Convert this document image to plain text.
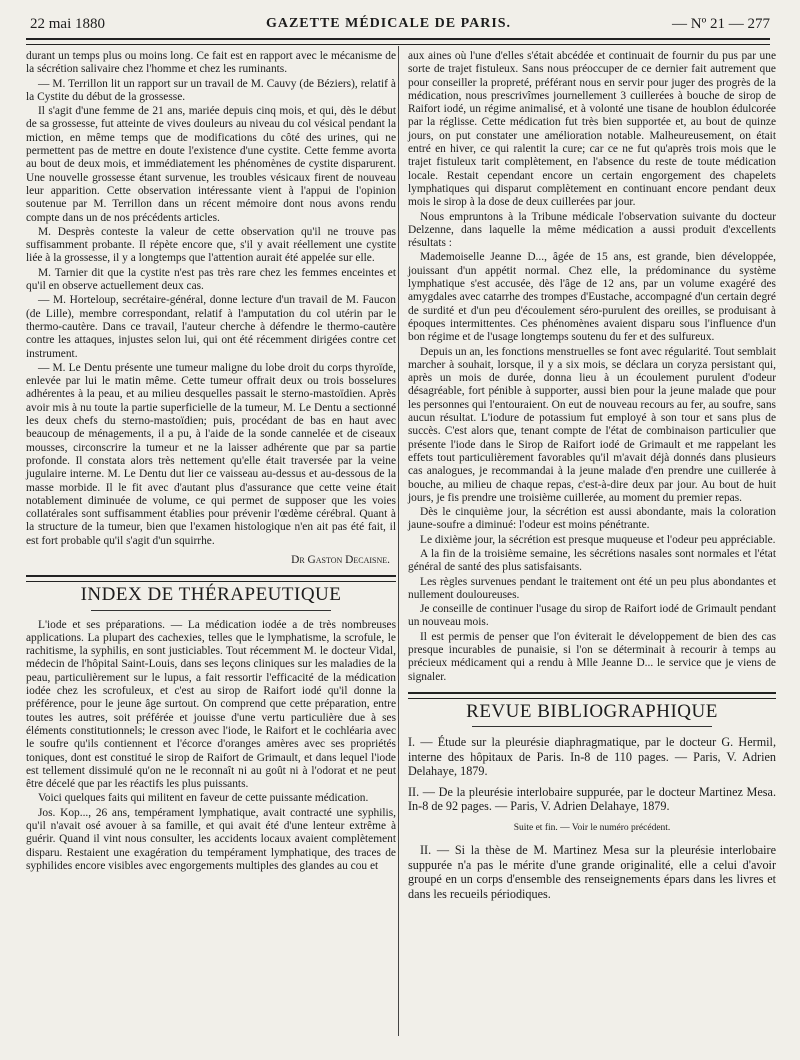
22 mai 1880	GAZETTE MÉDICALE DE PARIS.	— Nº 21 — 277

durant un temps plus ou moins long. Ce fait est en rapport avec le mécanisme de la sécrétion salivaire chez l'homme et chez les ruminants.

— M. Terrillon lit un rapport sur un travail de M. Cauvy (de Béziers), relatif à la Cystite du début de la grossesse.

Il s'agit d'une femme de 21 ans, mariée depuis cinq mois, et qui, dès le début de sa grossesse, fut atteinte de vives douleurs au niveau du col vésical pendant la miction, en même temps que de modifications du côté des urines, qui ne permettent pas de mettre en doute l'existence d'une cystite. Cette femme avorta au bout de deux mois, et immédiatement les phénomènes de cystite disparurent. Une nouvelle grossesse étant survenue, les troubles vésicaux firent de nouveau leur apparition. Cette observation intéressante vient à l'appui de l'opinion soutenue par M. Terrillon dans un récent mémoire dont nous avons rendu compte dans un de nos précédents articles.

M. Desprès conteste la valeur de cette observation qu'il ne trouve pas suffisamment probante. Il répète encore que, s'il y avait réellement une cystite liée à la grossesse, il y a longtemps que l'attention aurait été appelée sur elle.

M. Tarnier dit que la cystite n'est pas très rare chez les femmes enceintes et qu'il en observe actuellement deux cas.

— M. Horteloup, secrétaire-général, donne lecture d'un travail de M. Faucon (de Lille), membre correspondant, relatif à l'amputation du col utérin par le thermo-cautère. Dans ce travail, l'auteur cherche à défendre le thermo-cautère contre les attaques, injustes selon lui, qui ont été récemment dirigées contre cet instrument.

— M. Le Dentu présente une tumeur maligne du lobe droit du corps thyroïde, enlevée par lui le matin même. Cette tumeur offrait deux ou trois bosselures adhérentes à la peau, et au milieu desquelles passait le sterno-mastoïdien. Après avoir mis à nu toute la partie superficielle de la tumeur, M. Le Dentu a sectionné les deux chefs du sterno-mastoïdien; puis, procédant de bas en haut avec beaucoup de ménagements, il a pu, à l'aide de la sonde cannelée et de ciseaux mousses, circonscrire la tumeur et ne la laisser adhérente que par sa partie profonde. Il constata alors très nettement qu'elle était traversée par la veine jugulaire interne. M. Le Dentu dut lier ce vaisseau au-dessus et au-dessous de la masse morbide. Il le fit avec d'autant plus d'assurance que cette veine était notablement diminuée de volume, ce qui permet de supposer que les voies collatérales sont suffisamment établies pour prévenir l'œdème cérébral. Quant à la structure de la tumeur, bien que l'examen histologique n'en ait pas été fait, il est fort probable qu'il s'agit d'un squirrhe.

Dr Gaston Decaisne.

INDEX DE THÉRAPEUTIQUE

L'iode et ses préparations. — La médication iodée a de très nombreuses applications. La plupart des cachexies, telles que le lymphatisme, la scrofule, le rachitisme, la syphilis, en sont justiciables. Tout récemment M. le docteur Vidal, médecin de l'hôpital Saint-Louis, dans ses leçons cliniques sur les maladies de la peau, particulièrement sur le lupus, a fait ressortir l'efficacité de la médication iodée chez les scrofuleux, et c'est au sirop de Raifort iodé qu'il donne la préférence, pour le jeune âge surtout. On comprend que cette préparation, entre toutes les autres, soit préférée et jouisse d'une vertu particulière due à ses éléments constitutionnels; le cresson avec l'iode, le Raifort et le cochléaria avec le soufre qu'ils contiennent et l'écorce d'oranges amères avec ses propriétés toniques, dont est constitué le sirop de Raifort de Grimault, et dans lequel l'iode est tellement dissimulé qu'on ne le reconnaît ni au goût ni à l'odorat et ne peut être décelé que par les réactifs les plus puissants.

Voici quelques faits qui militent en faveur de cette puissante médication.

Jos. Kop..., 26 ans, tempérament lymphatique, avait contracté une syphilis, qu'il n'avait osé avouer à sa famille, et qui avait été d'une lenteur extrême à guérir. Quand il vint nous consulter, les accidents locaux avaient complètement disparu. Restaient une exagération du tempérament lymphatique, des traces de syphilides encore visibles avec engorgements multiples des glandes au cou et

aux aines où l'une d'elles s'était abcédée et continuait de fournir du pus par une sorte de trajet fistuleux. Sans nous préoccuper de ce dernier fait autrement que pour conseiller la propreté, préférant nous en servir pour juger des progrès de la médication, nous prescrivîmes journellement 3 cuillerées à bouche de sirop de Raifort iodé, un régime animalisé, et à volonté une tisane de houblon édulcorée par la réglisse. Cette médication fut très bien supportée et, au bout de quinze jours, on put constater une amélioration notable. Malheureusement, on était entré en hiver, ce qui ralentit la cure; car ce ne fut qu'après trois mois que le trajet fistuleux tarit complètement, en l'absence du reste de toute médication locale. Restait cependant encore un certain engorgement des chapelets lymphatiques qui disparut complètement en continuant encore pendant deux mois le sirop à la dose de deux cuillerées par jour.

Nous empruntons à la Tribune médicale l'observation suivante du docteur Delzenne, dans laquelle la même médication a aussi produit d'excellents résultats :

Mademoiselle Jeanne D..., âgée de 15 ans, est grande, bien développée, jouissant d'un appétit normal. Chez elle, la prédominance du système lymphatique s'est accusée, dès l'âge de 12 ans, par un volume exagéré des amygdales avec catarrhe des trompes d'Eustache, accompagné d'un certain degré de surdité et d'un peu d'écoulement séro-purulent des oreilles, se produisant à époques intermittentes. Ces phénomènes avaient disparu sous l'influence d'un bon régime et de l'usage longtemps soutenu du fer et des sulfureux.

Depuis un an, les fonctions menstruelles se font avec régularité. Tout semblait marcher à souhait, lorsque, il y a six mois, se déclara un coryza persistant qui, après un mois de durée, donna lieu à un écoulement purulent d'odeur désagréable, fort pénible à supporter, aussi bien pour la jeune malade que pour les personnes qui l'entouraient. On eut de nouveau recours au fer, au soufre, sans aucun résultat. L'iodure de potassium fut employé à son tour et sans plus de succès. C'est alors que, tenant compte de l'état de combinaison particulier que présente l'iode dans le Sirop de Raifort iodé de Grimault et me rappelant les effets tout particulièrement favorables qu'il m'avait déjà donnés dans plusieurs cas analogues, je recommandai à la jeune malade d'en prendre une cuillerée à bouche, au milieu de chaque repas, c'est-à-dire deux par jour. Au bout de huit jours, je fis prendre une troisième cuillerée, au moment du premier repas.

Dès le cinquième jour, la sécrétion est aussi abondante, mais la coloration jaune-soufre a diminué: l'odeur est moins pénétrante.

Le dixième jour, la sécrétion est presque muqueuse et l'odeur peu appréciable.

A la fin de la troisième semaine, les sécrétions nasales sont normales et l'état général de santé des plus satisfaisants.

Les règles survenues pendant le traitement ont été un peu plus abondantes et nullement douloureuses.

Je conseille de continuer l'usage du sirop de Raifort iodé de Grimault pendant un nouveau mois.

Il est permis de penser que l'on éviterait le développement de bien des cas presque incurables de punaisie, si l'on se déterminait à recourir à temps au précieux médicament qui a rendu à Mlle Jeanne D... le service que je viens de signaler.

REVUE BIBLIOGRAPHIQUE

I. — Étude sur la pleurésie diaphragmatique, par le docteur G. Hermil, interne des hôpitaux de Paris. In-8 de 110 pages. — Paris, V. Adrien Delahaye, 1879.

II. — De la pleurésie interlobaire suppurée, par le docteur Martinez Mesa. In-8 de 92 pages. — Paris, V. Adrien Delahaye, 1879.

Suite et fin. — Voir le numéro précédent.

II. — Si la thèse de M. Martinez Mesa sur la pleurésie interlobaire suppurée n'a pas le mérite d'une grande originalité, elle a celui d'avoir groupé en un corps d'ensemble des renseignements épars dans les livres et dans les recueils périodiques.
